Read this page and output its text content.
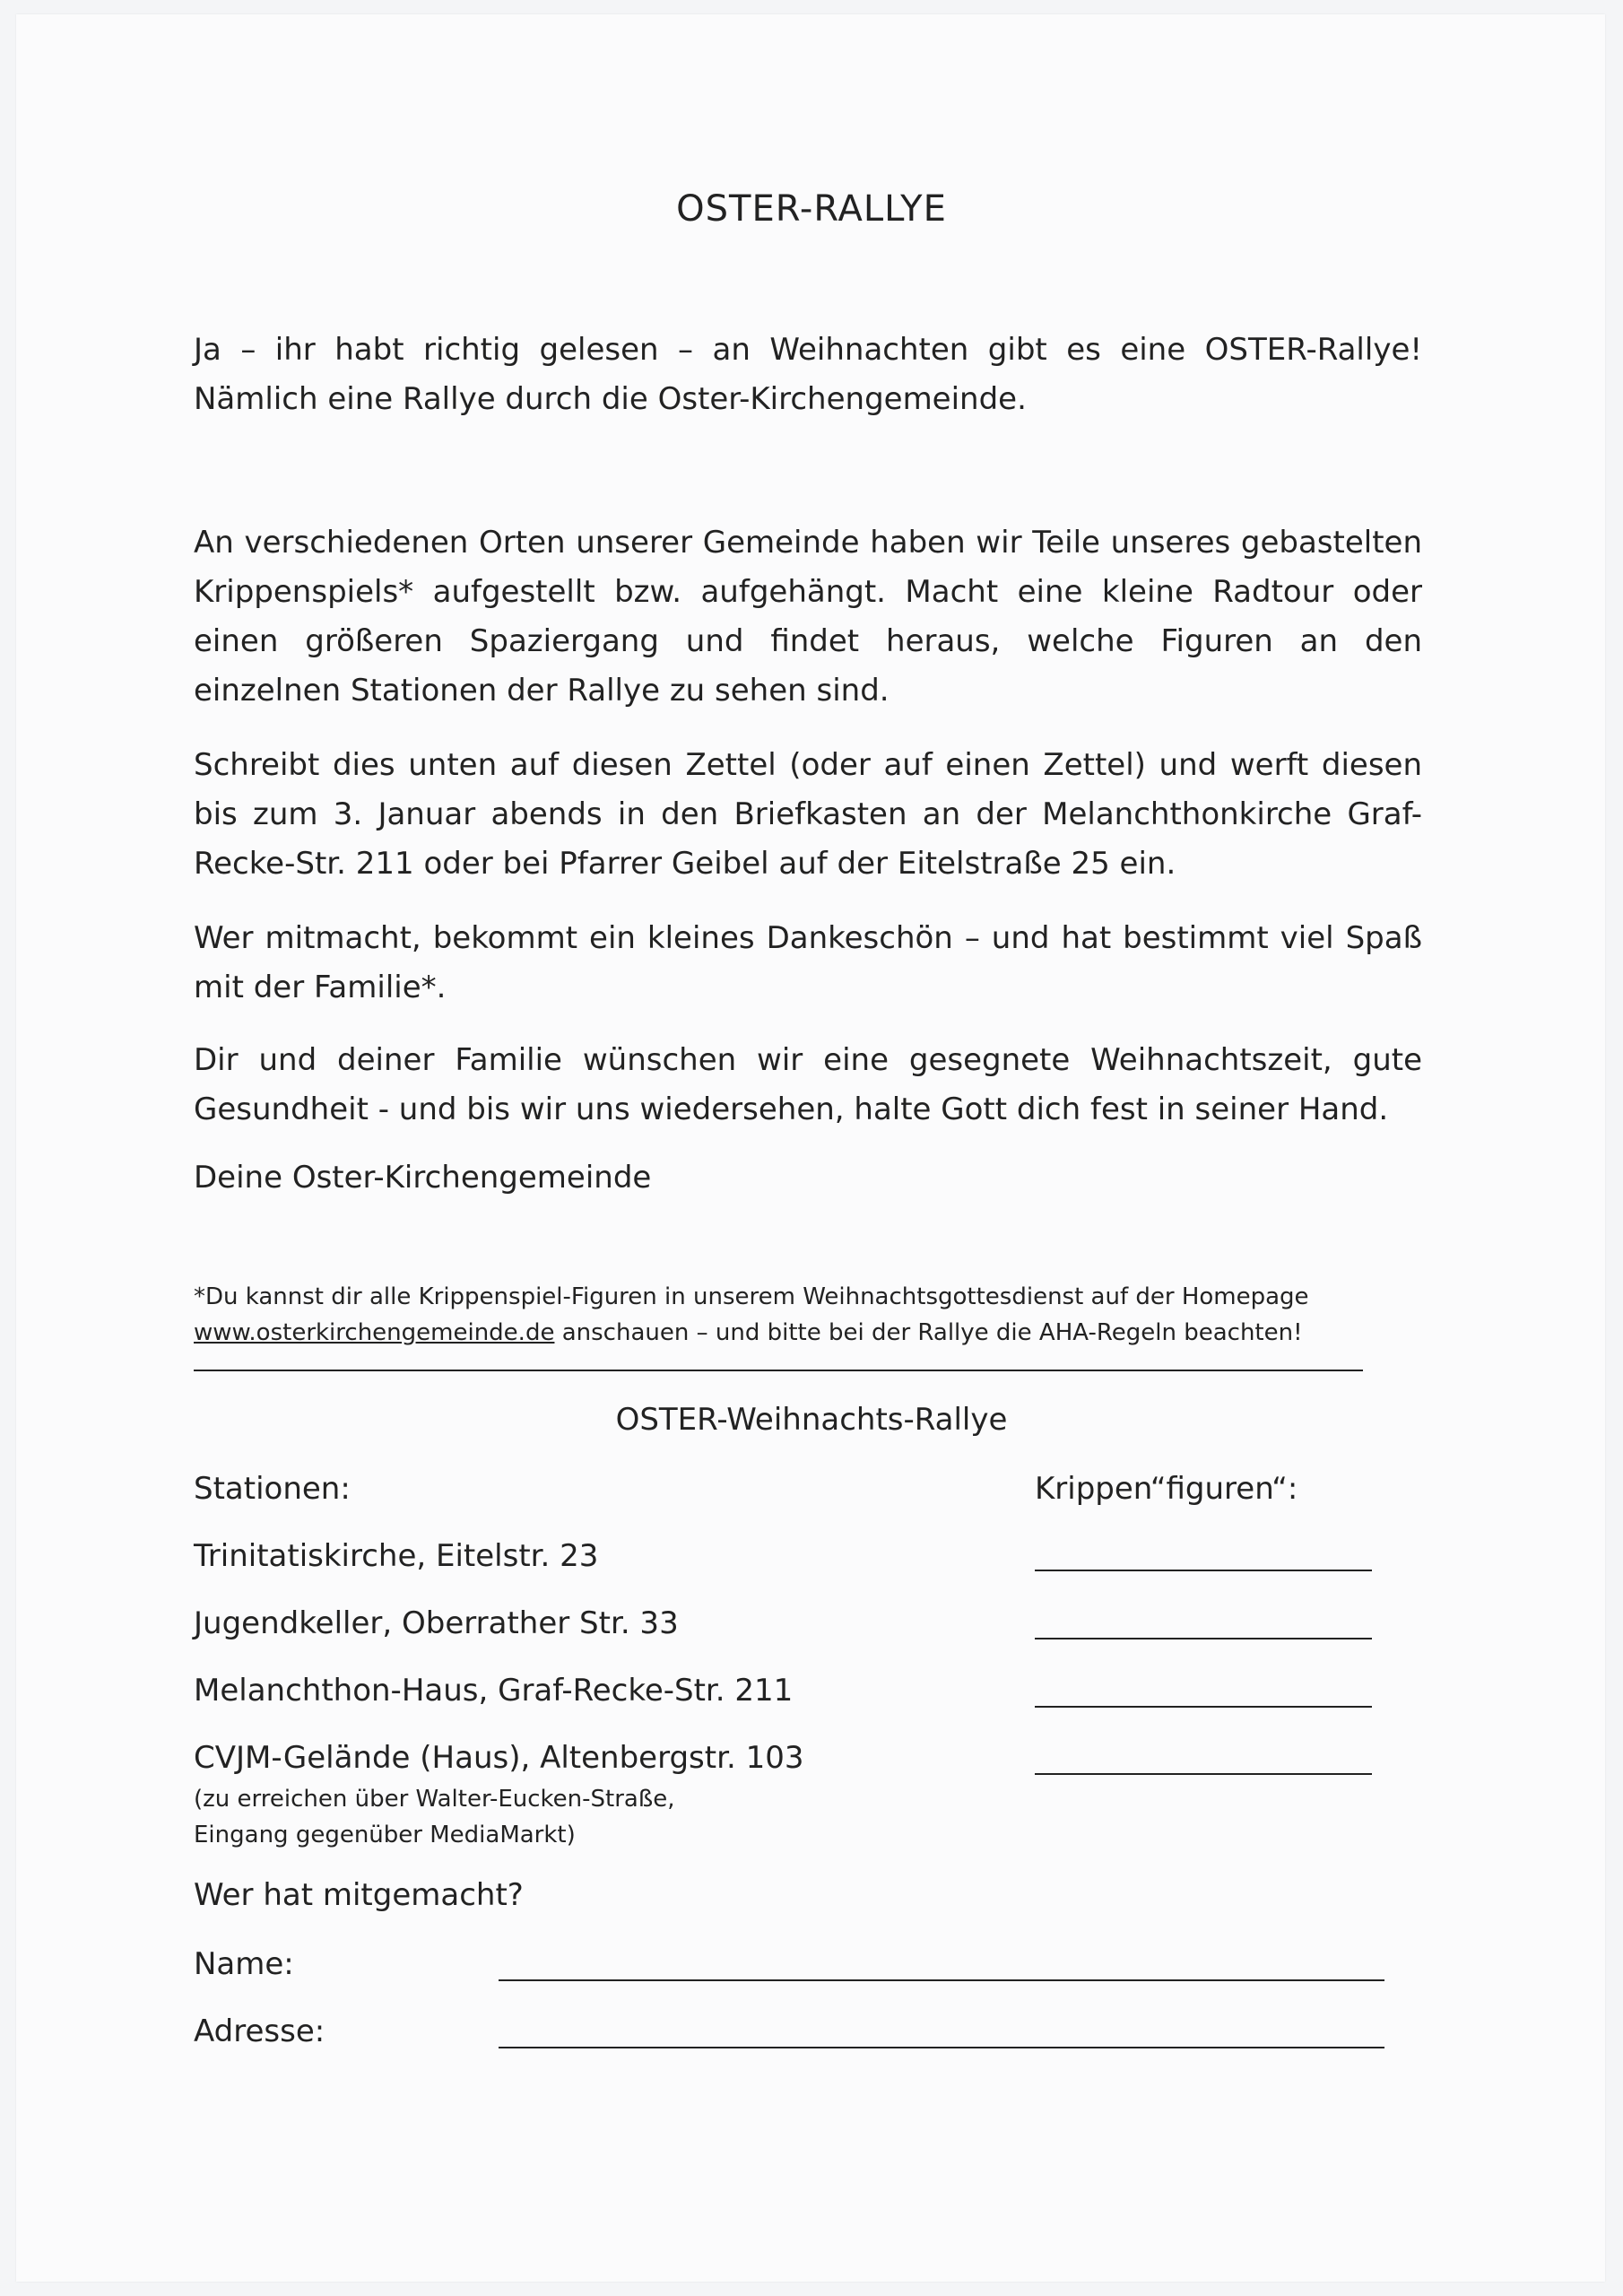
OSTER-RALLYE

Ja – ihr habt richtig gelesen – an Weihnachten gibt es eine OSTER-Rallye! Nämlich eine Rallye durch die Oster-Kirchengemeinde.

An verschiedenen Orten unserer Gemeinde haben wir Teile unseres gebastelten Krippenspiels* aufgestellt bzw. aufgehängt. Macht eine kleine Radtour oder einen größeren Spaziergang und findet heraus, welche Figuren an den einzelnen Stationen der Rallye zu sehen sind.

Schreibt dies unten auf diesen Zettel (oder auf einen Zettel) und werft diesen bis zum 3. Januar abends in den Briefkasten an der Melanchthonkirche Graf-Recke-Str. 211 oder bei Pfarrer Geibel auf der Eitelstraße 25 ein.

Wer mitmacht, bekommt ein kleines Dankeschön – und hat bestimmt viel Spaß mit der Familie*.

Dir und deiner Familie wünschen wir eine gesegnete Weihnachtszeit, gute Gesundheit - und bis wir uns wiedersehen, halte Gott dich fest in seiner Hand.

Deine Oster-Kirchengemeinde

*Du kannst dir alle Krippenspiel-Figuren in unserem Weihnachtsgottesdienst auf der Homepage
www.osterkirchengemeinde.de anschauen – und bitte bei der Rallye die AHA-Regeln beachten!

OSTER-Weihnachts-Rallye
Stationen:	Krippen“figuren“:
Trinitatiskirche, Eitelstr. 23
Jugendkeller, Oberrather Str. 33
Melanchthon-Haus, Graf-Recke-Str. 211
CVJM-Gelände (Haus), Altenbergstr. 103
(zu erreichen über Walter-Eucken-Straße,
Eingang gegenüber MediaMarkt)
Wer hat mitgemacht?
Name:
Adresse:
